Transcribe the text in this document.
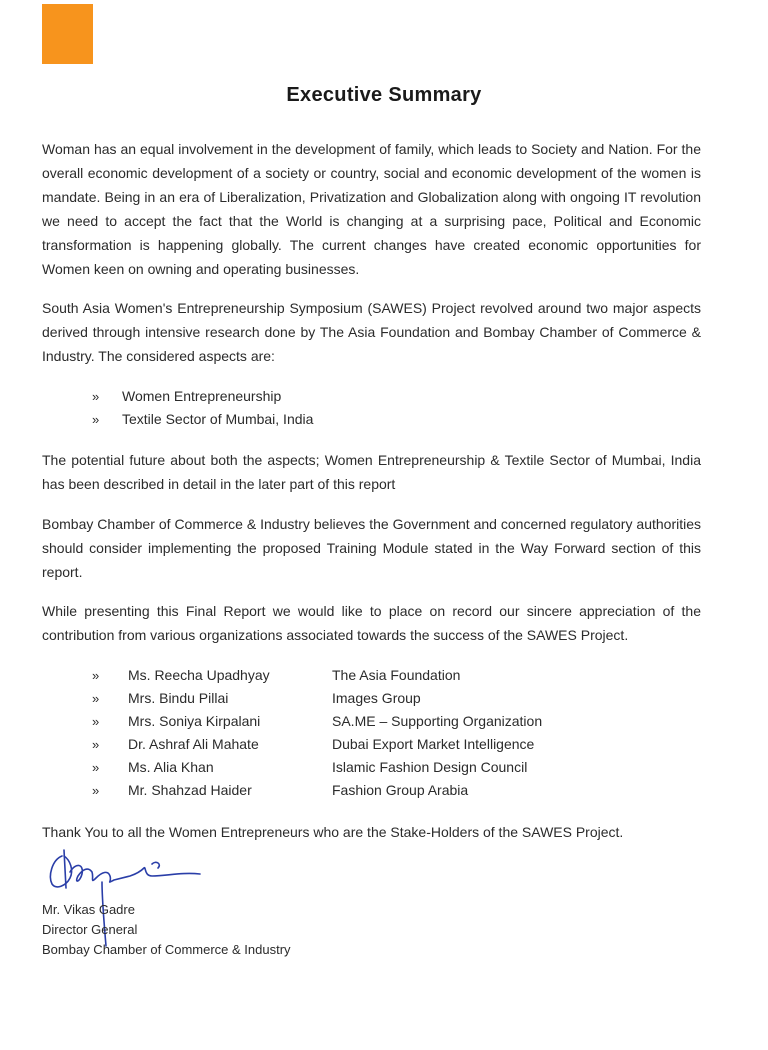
Executive Summary

Woman has an equal involvement in the development of family, which leads to Society and Nation. For the overall economic development of a society or country, social and economic development of the women is mandate. Being in an era of Liberalization, Privatization and Globalization along with ongoing IT revolution we need to accept the fact that the World is changing at a surprising pace, Political and Economic transformation is happening globally. The current changes have created economic opportunities for Women keen on owning and operating businesses.

South Asia Women's Entrepreneurship Symposium (SAWES) Project revolved around two major aspects derived through intensive research done by The Asia Foundation and Bombay Chamber of Commerce & Industry. The considered aspects are:

» Women Entrepreneurship
» Textile Sector of Mumbai, India

The potential future about both the aspects; Women Entrepreneurship & Textile Sector of Mumbai, India has been described in detail in the later part of this report

Bombay Chamber of Commerce & Industry believes the Government and concerned regulatory authorities should consider implementing the proposed Training Module stated in the Way Forward section of this report.

While presenting this Final Report we would like to place on record our sincere appreciation of the contribution from various organizations associated towards the success of the SAWES Project.

» Ms. Reecha Upadhyay	The Asia Foundation
» Mrs. Bindu Pillai	Images Group
» Mrs. Soniya Kirpalani	SA.ME – Supporting Organization
» Dr. Ashraf Ali Mahate	Dubai Export Market Intelligence
» Ms. Alia Khan	Islamic Fashion Design Council
» Mr. Shahzad Haider	Fashion Group Arabia

Thank You to all the Women Entrepreneurs who are the Stake-Holders of the SAWES Project.

Mr. Vikas Gadre
Director General
Bombay Chamber of Commerce & Industry
